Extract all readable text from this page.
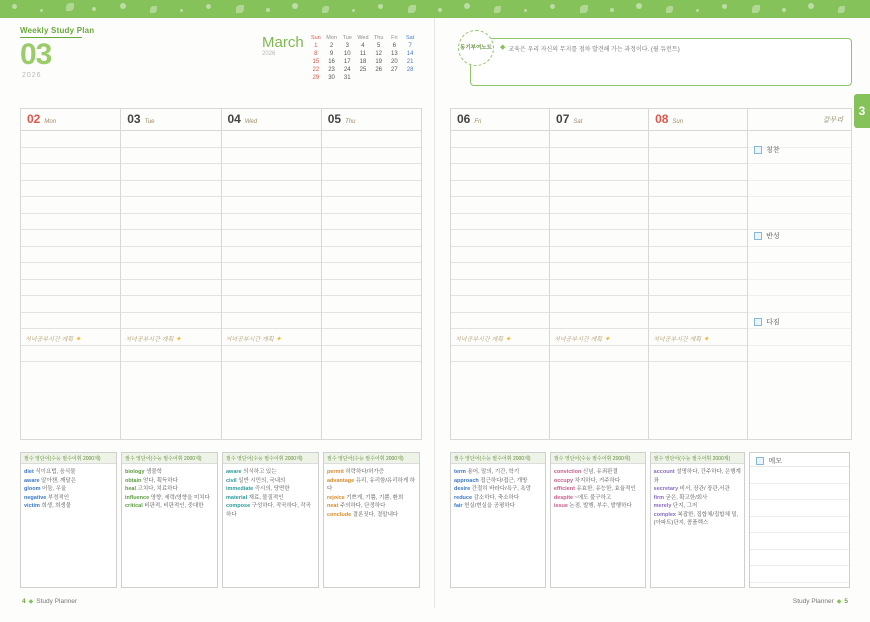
3
Weekly Study Plan
03
2026
March
2026
Sun	Mon	Tue	Wed	Thu	Fri	Sat
1	2	3	4	5	6	7
8	9	10	11	12	13	14
15	16	17	18	19	20	21
22	23	24	25	26	27	28
29	30	31				
02 Mon
저녁공부시간 개획 ✦
03 Tue
저녁공부시간 개획 ✦
04 Wed
저녁공부시간 개획 ✦
05 Thu
필수 영단어(수능 필수어휘 2000제)
diet 식이요법, 음식물
aware 알아챈, 깨달은
gloom 어둠, 우울
negative 부정적인
victim 희생, 희생물
필수 영단어(수능 필수어휘 2000제)
biology 생물학
obtain 얻다, 획득하다
heal 고치다, 치료하다
influence 영향, 세력/영향을 미치다
critical 비판적, 비판적인, 중대한
필수 영단어(수능 필수어휘 2000제)
aware 의식하고 있는
civil 일반 시민의, 국내의
immediate 즉시의, 당면한
material 재료, 물질적인
compose 구성하다, 작곡하다, 작곡하다
필수 영단어(수능 필수어휘 2000제)
permit 허락하다/허가증
advantage 유리, 유리함/유리하게 하다
rejoice 기쁘게, 기쁨, 기쁨, 환희
neat 주의하다, 단정하다
conclude 결론짓다, 결말내다
동기부여노트 ◆ 교육은 우리 자신의 무지를 점차 발견해 가는 과정이다. (윌 듀런트)
06 Fri
저녁공부시간 개획 ✦
07 Sat
저녁공부시간 개획 ✦
08 Sun
저녁공부시간 개획 ✦
갈무리
칭찬
반성
다짐
필수 영단어(수능 필수어휘 2000제)
term 용어, 말의, 기간, 학기
approach 접근하다/접근, 개방
desire 간절히 바라다/욕구, 욕망
reduce 감소하다, 축소하다
fair 헌실/현실을 공평하다
필수 영단어(수능 필수어휘 2000제)
conviction 신념, 유죄판결
occupy 차지하다, 거주하다
efficient 유효한, 유능한, 효율적인
despite ~에도 불구하고
issue 논점, 발행, 부수, 발행하다
필수 영단어(수능 필수어휘 2000제)
account 설명하다, 간주하다, 은행계좌
secretary 비서, 장관/ 장관,서관
firm 굳은, 확고한/회사
merely 단지, 그저
complex 복잡한, 집합체/집합체 밀, (아파트)단지, 콤플렉스
메모
4 ◆ Study Planner	Study Planner ◆ 5
